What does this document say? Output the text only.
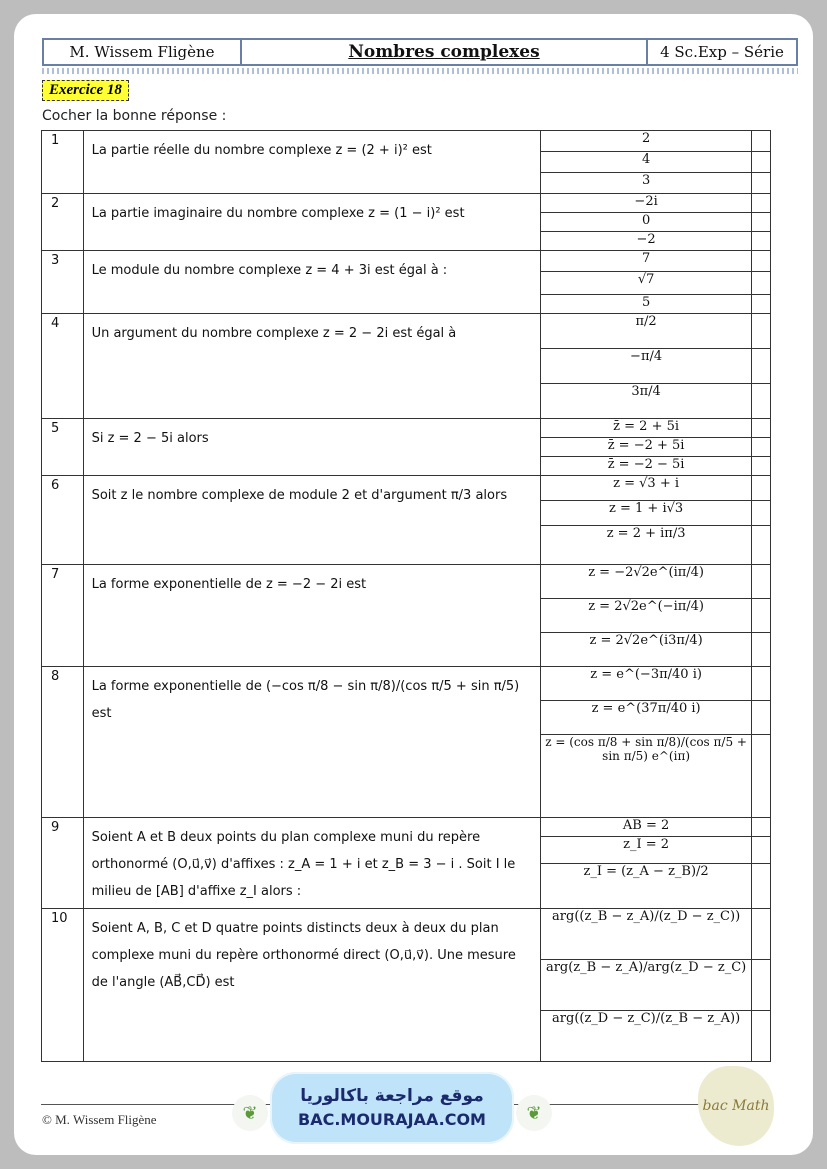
M. Wissem Fligène	Nombres complexes	4 Sc.Exp – Série
Exercice 18
Cocher la bonne réponse :
1	La partie réelle du nombre complexe z = (2 + i)² est	2	
		4	
		3	
2	La partie imaginaire du nombre complexe z = (1 − i)² est	−2i	
		0	
		−2	
3	Le module du nombre complexe z = 4 + 3i est égal à :	7	
		√7	
		5	
4	Un argument du nombre complexe z = 2 − 2i est égal à	π/2	
		−π/4	
		3π/4	
5	Si z = 2 − 5i alors	z̄ = 2 + 5i	
		z̄ = −2 + 5i	
		z̄ = −2 − 5i	
6	Soit z le nombre complexe de module 2 et d'argument π/3 alors	z = √3 + i	
		z = 1 + i√3	
		z = 2 + iπ/3	
7	La forme exponentielle de z = −2 − 2i est	z = −2√2e^(iπ/4)	
		z = 2√2e^(−iπ/4)	
		z = 2√2e^(i3π/4)	
8	La forme exponentielle de (−cos π/8 − sin π/8)/(cos π/5 + sin π/5) est	z = e^(−3π/40 i)	
		z = e^(37π/40 i)	
		z = (cos π/8 + sin π/8)/(cos π/5 + sin π/5) e^(iπ)	
9	Soient A et B deux points du plan complexe muni du repère orthonormé (O,u⃗,v⃗) d'affixes : z_A = 1 + i et z_B = 3 − i . Soit I le milieu de [AB] d'affixe z_I alors :	AB = 2	
		z_I = 2	
		z_I = (z_A − z_B)/2	
10	Soient A, B, C et D quatre points distincts deux à deux du plan complexe muni du repère orthonormé direct (O,u⃗,v⃗). Une mesure de l'angle (AB⃗,CD⃗) est	arg((z_B − z_A)/(z_D − z_C))	
		arg(z_B − z_A)/arg(z_D − z_C)	
		arg((z_D − z_C)/(z_B − z_A))	
© M. Wissem Fligène	❦
موقع مراجعة باكالوريا
BAC.MOURAJAA.COM	❦	bac Math
